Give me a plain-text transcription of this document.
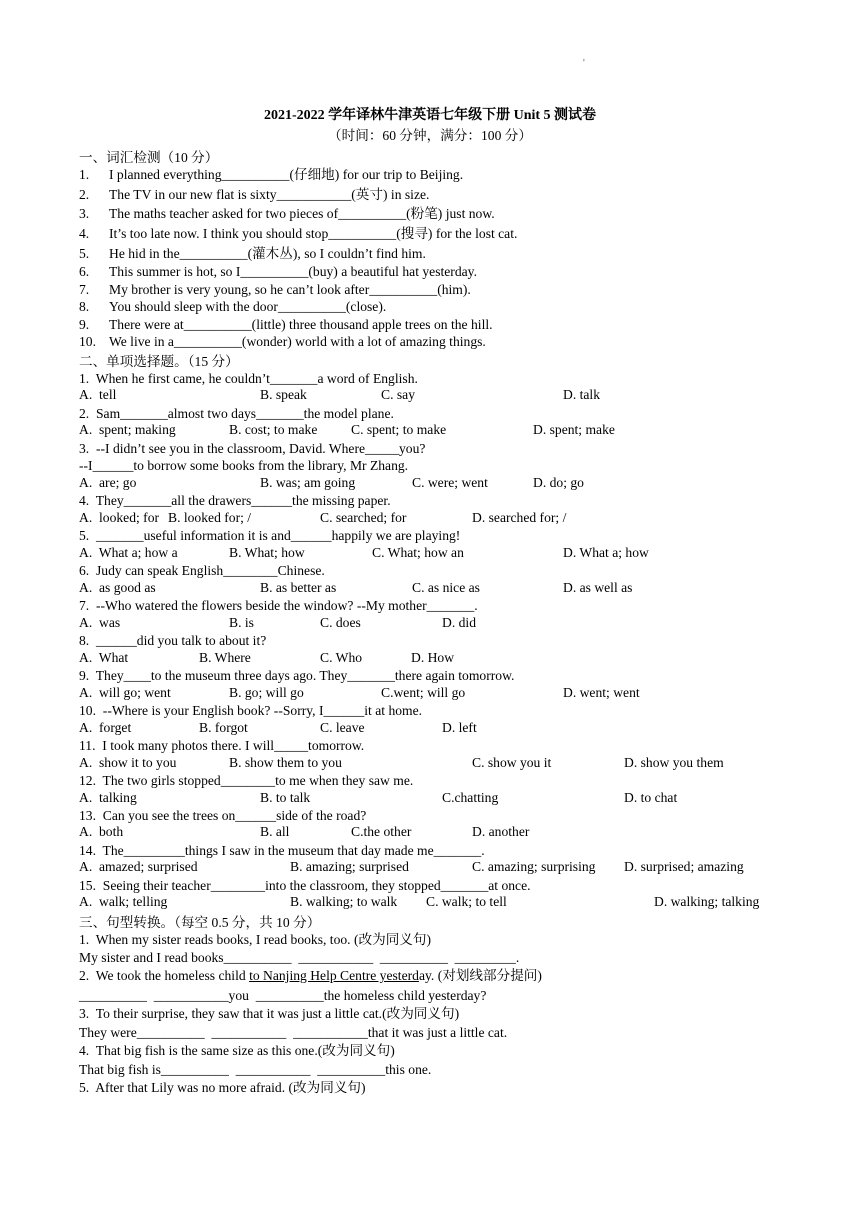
'
2021-2022 学年译林牛津英语七年级下册 Unit 5 测试卷
（时间：60 分钟，满分：100 分）
一、词汇检测（10 分）
1. I planned everything__________(仔细地) for our trip to Beijing.
2. The TV in our new flat is sixty___________(英寸) in size.
3. The maths teacher asked for two pieces of__________(粉笔) just now.
4. It’s too late now. I think you should stop__________(搜寻) for the lost cat.
5. He hid in the__________(灌木丛), so I couldn’t find him.
6. This summer is hot, so I__________(buy) a beautiful hat yesterday.
7. My brother is very young, so he can’t look after__________(him).
8. You should sleep with the door__________(close).
9. There were at__________(little) three thousand apple trees on the hill.
10. We live in a__________(wonder) world with a lot of amazing things.
二、单项选择题。（15 分）
1.  When he first came, he couldn’t_______a word of English.
A.  tell	B. speak	C. say	D. talk
2.  Sam_______almost two days_______the model plane.
A.  spent; making	B. cost; to make C. spent; to make	D. spent; make
3.  --I didn’t see you in the classroom, David. Where_____you?
--I______to borrow some books from the library, Mr Zhang.
A.  are; go	B. was; am going	C. were; went	D. do; go
4.  They_______all the drawers______the missing paper.
A.  looked; for B. looked for; /	C. searched; for	D. searched for; /
5.  _______useful information it is and______happily we are playing!
A.  What a; how a	B. What; how	C. What; how an	D. What a; how
6.  Judy can speak English________Chinese.
A.  as good as	B. as better as	C. as nice as	D. as well as
7.  --Who watered the flowers beside the window? --My mother_______.
A.  was	B. is	C. does	D. did
8.  ______did you talk to about it?
A.  What	B. Where	C. Who	D. How
9.  They____to the museum three days ago. They_______there again tomorrow.
A.  will go; went	B. go; will go	C.went; will go	D. went; went
10.  --Where is your English book? --Sorry, I______it at home.
A.  forget	B. forgot	C. leave	D. left
11.  I took many photos there. I will_____tomorrow.
A.  show it to you	B. show them to you	C. show you it	D. show you them
12.  The two girls stopped________to me when they saw me.
A.  talking	B. to talk	C.chatting	D. to chat
13.  Can you see the trees on______side of the road?
A.  both	B. all	C.the other	D. another
14.  The_________things I saw in the museum that day made me_______.
A.  amazed; surprised	B. amazing; surprised	C. amazing; surprising D. surprised; amazing
15.  Seeing their teacher________into the classroom, they stopped_______at once.
A.  walk; telling	B. walking; to walk C. walk; to tell	D. walking; talking
三、句型转换。（每空 0.5 分，共 10 分）
1.  When my sister reads books, I read books, too. (改为同义句)
My sister and I read books__________  ___________  __________  _________.
2.  We took the homeless child to Nanjing Help Centre yesterday. (对划线部分提问)
__________  ___________you  __________the homeless child yesterday?
3.  To their surprise, they saw that it was just a little cat.(改为同义句)
They were__________  ___________  ___________that it was just a little cat.
4.  That big fish is the same size as this one.(改为同义句)
That big fish is__________  ___________  __________this one.
5.  After that Lily was no more afraid. (改为同义句)
